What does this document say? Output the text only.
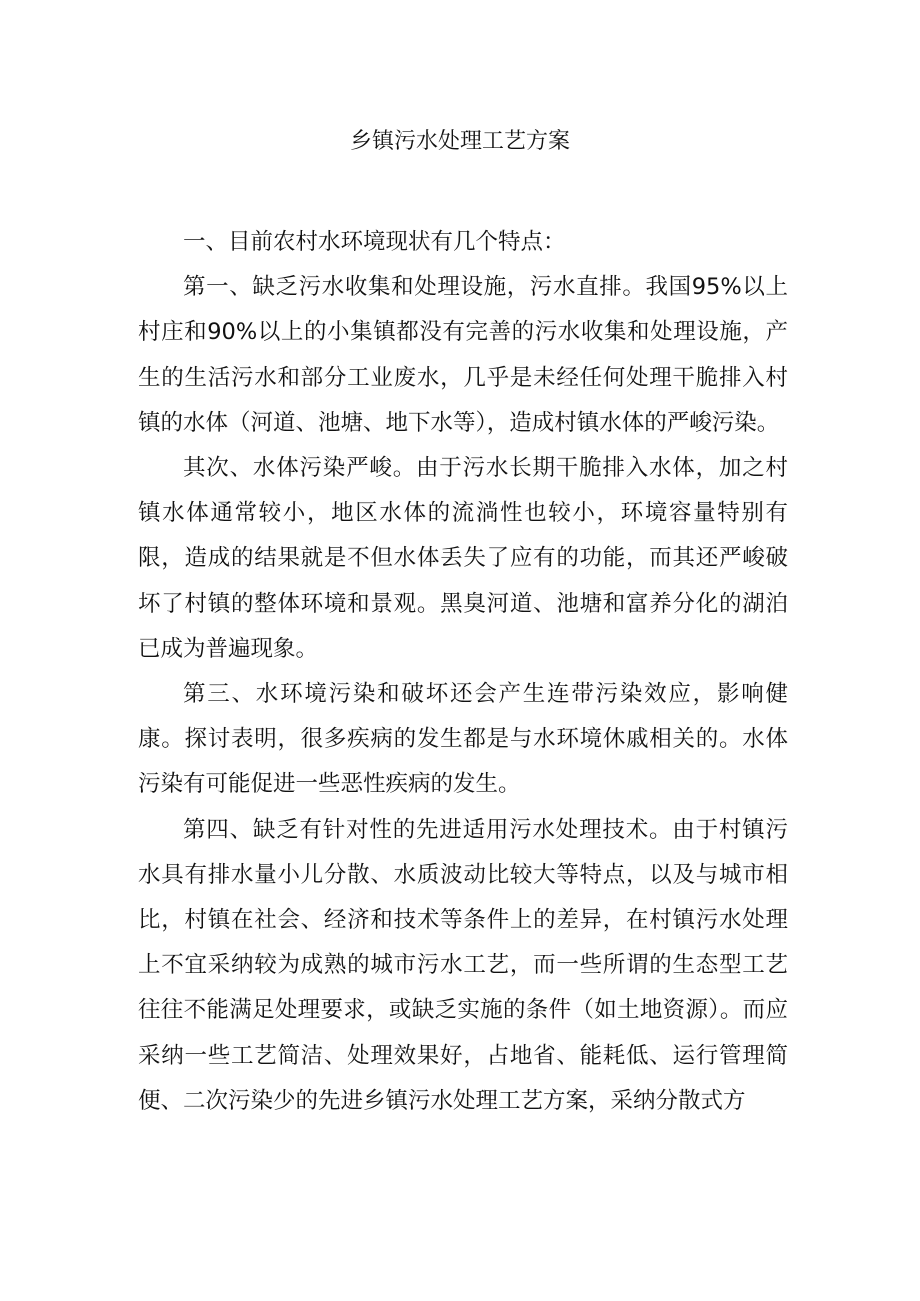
乡镇污水处理工艺方案

一、目前农村水环境现状有几个特点：

第一、缺乏污水收集和处理设施，污水直排。我国95%以上村庄和90%以上的小集镇都没有完善的污水收集和处理设施，产生的生活污水和部分工业废水，几乎是未经任何处理干脆排入村镇的水体（河道、池塘、地下水等），造成村镇水体的严峻污染。

其次、水体污染严峻。由于污水长期干脆排入水体，加之村镇水体通常较小，地区水体的流淌性也较小，环境容量特别有限，造成的结果就是不但水体丢失了应有的功能，而其还严峻破坏了村镇的整体环境和景观。黑臭河道、池塘和富养分化的湖泊已成为普遍现象。

第三、水环境污染和破坏还会产生连带污染效应，影响健康。探讨表明，很多疾病的发生都是与水环境休戚相关的。水体污染有可能促进一些恶性疾病的发生。

第四、缺乏有针对性的先进适用污水处理技术。由于村镇污水具有排水量小儿分散、水质波动比较大等特点，以及与城市相比，村镇在社会、经济和技术等条件上的差异，在村镇污水处理上不宜采纳较为成熟的城市污水工艺，而一些所谓的生态型工艺往往不能满足处理要求，或缺乏实施的条件（如土地资源）。而应采纳一些工艺简洁、处理效果好，占地省、能耗低、运行管理简便、二次污染少的先进乡镇污水处理工艺方案，采纳分散式方
